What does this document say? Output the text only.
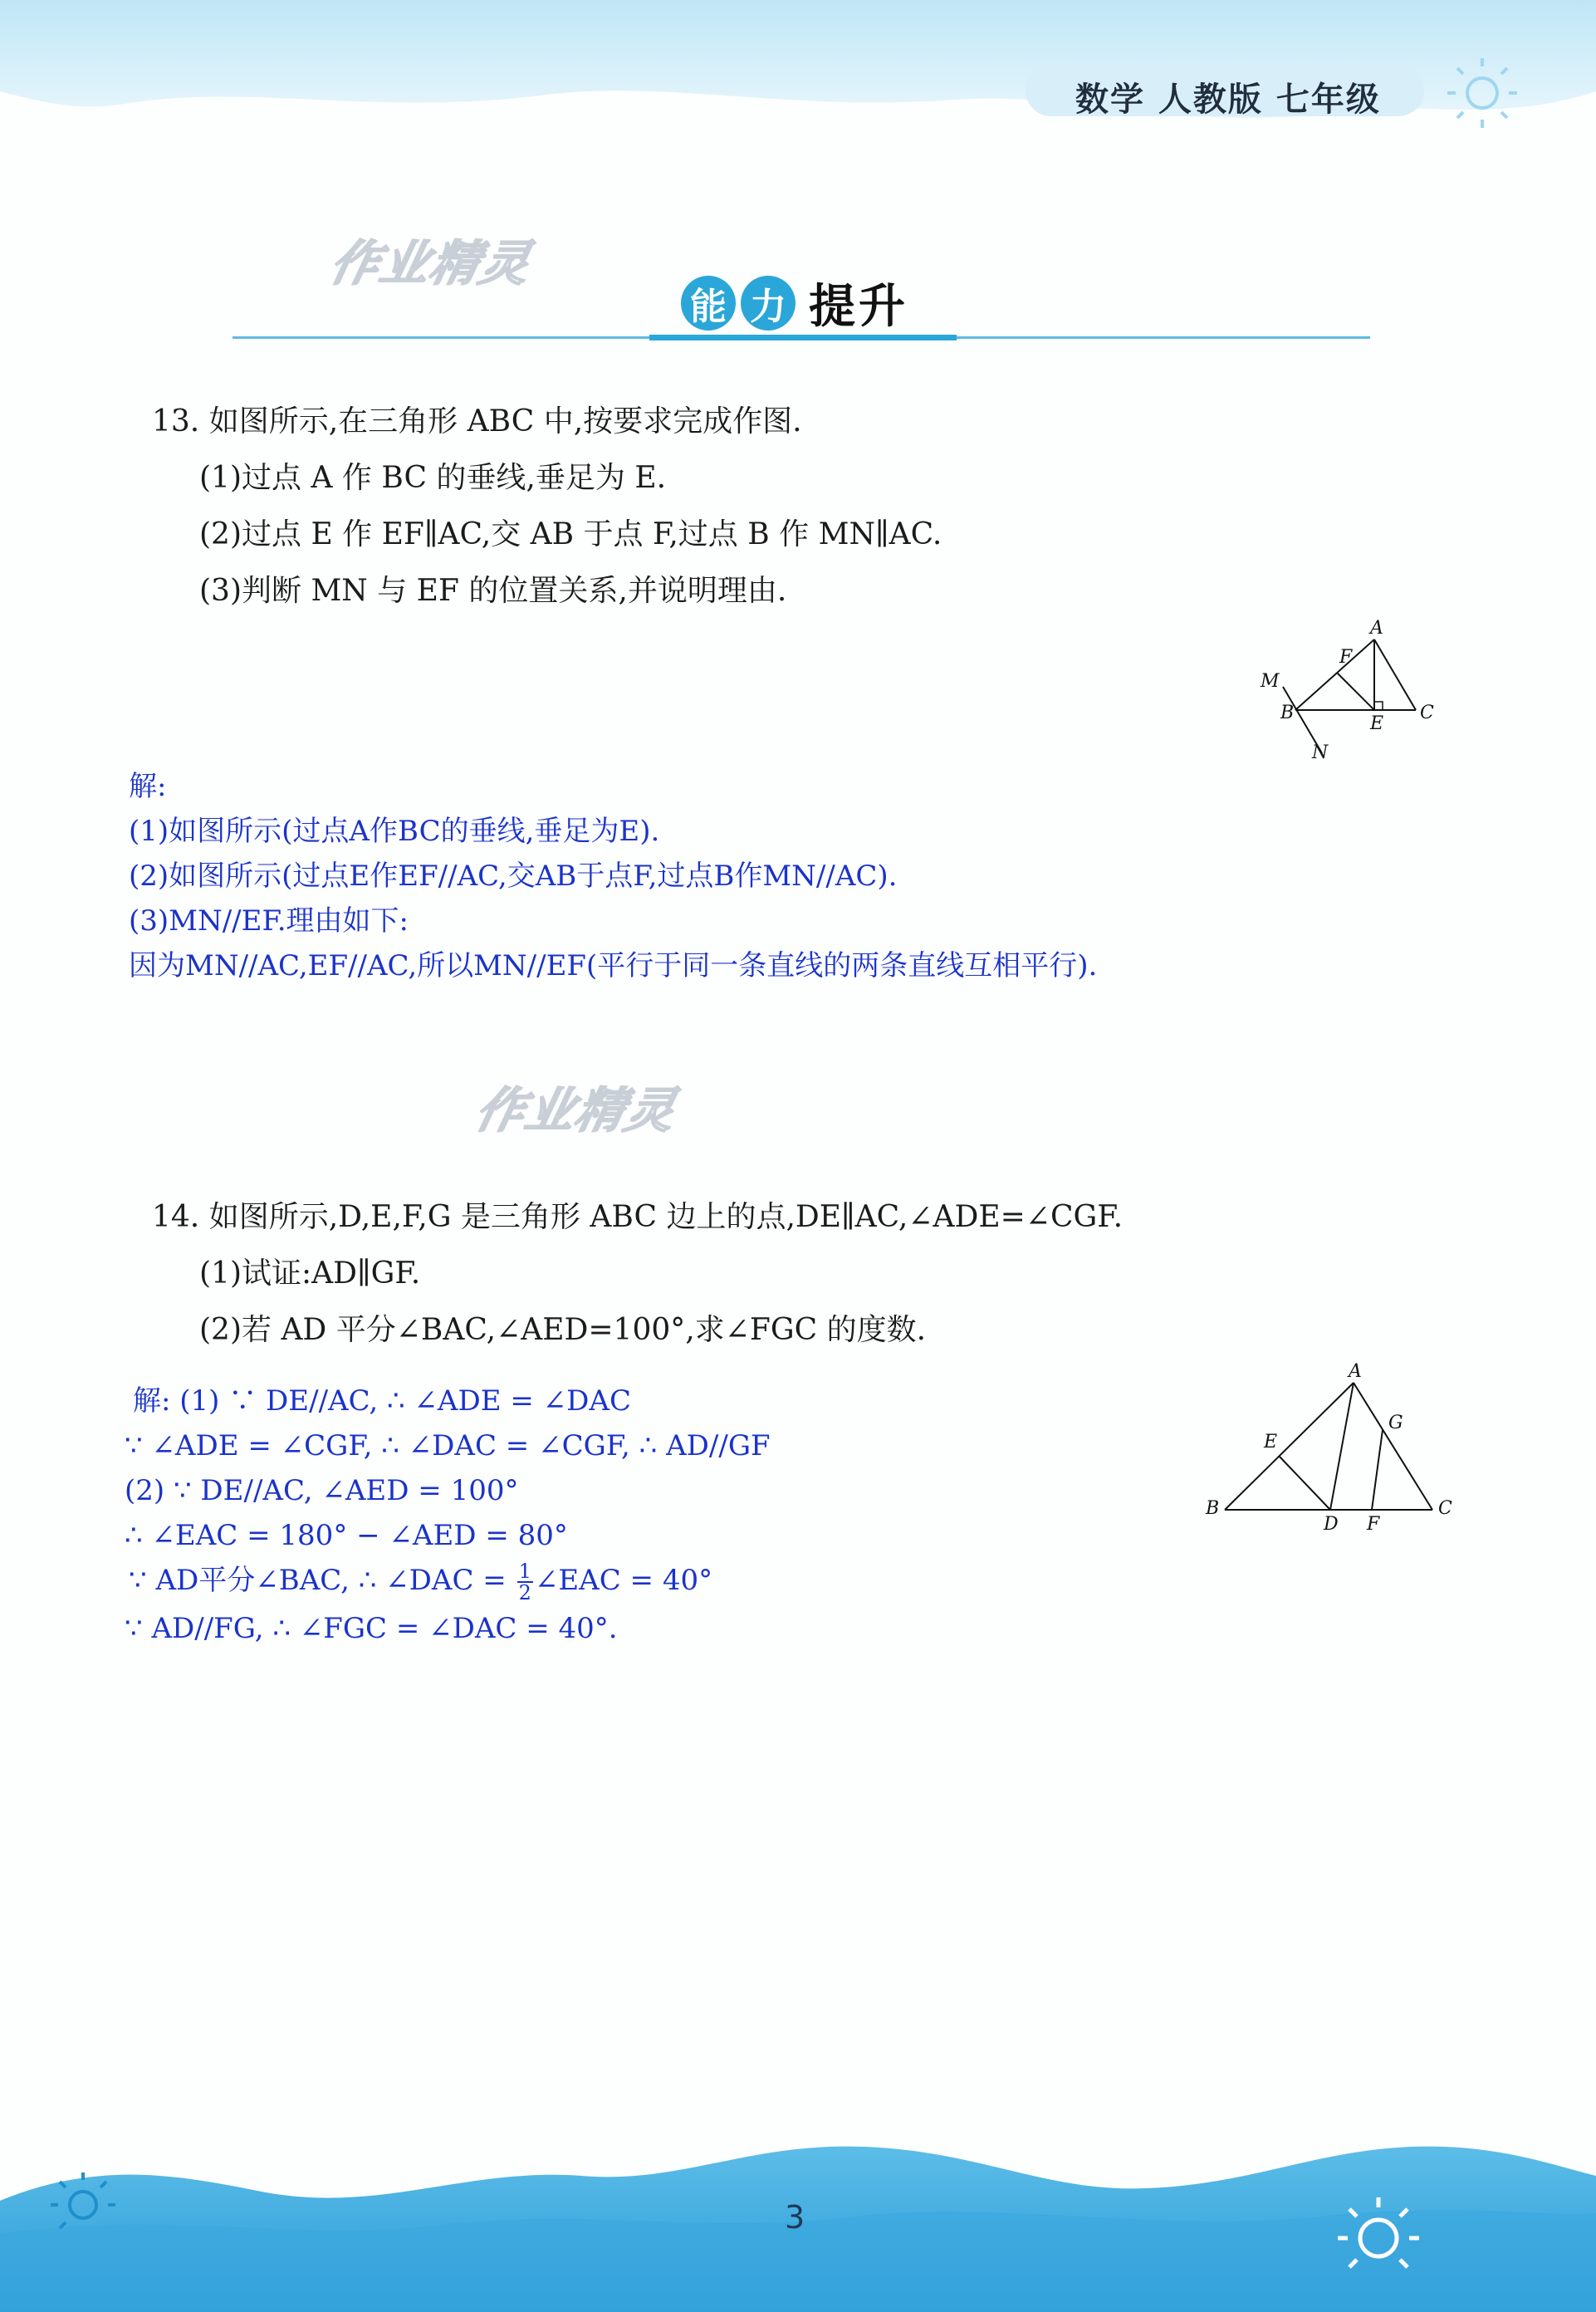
数学 人教版 七年级
作业精灵
能 力 提升
13. 如图所示,在三角形 ABC 中,按要求完成作图.
(1)过点 A 作 BC 的垂线,垂足为 E.
(2)过点 E 作 EF∥AC,交 AB 于点 F,过点 B 作 MN∥AC.
(3)判断 MN 与 EF 的位置关系,并说明理由.
A
F
M
B
E
C
N
解:
(1)如图所示(过点A作BC的垂线,垂足为E).
(2)如图所示(过点E作EF//AC,交AB于点F,过点B作MN//AC).
(3)MN//EF.理由如下:
因为MN//AC,EF//AC,所以MN//EF(平行于同一条直线的两条直线互相平行).
作业精灵
14. 如图所示,D,E,F,G 是三角形 ABC 边上的点,DE∥AC,∠ADE=∠CGF.
(1)试证:AD∥GF.
(2)若 AD 平分∠BAC,∠AED=100°,求∠FGC 的度数.
解: (1) ∵ DE//AC, ∴ ∠ADE = ∠DAC
∵ ∠ADE = ∠CGF, ∴ ∠DAC = ∠CGF, ∴ AD//GF
(2) ∵ DE//AC, ∠AED = 100°
∴ ∠EAC = 180° − ∠AED = 80°
∵ AD平分∠BAC, ∴ ∠DAC = $\frac{1}{2}$ ∠EAC = 40°
∵ AD//FG, ∴ ∠FGC = ∠DAC = 40°.
A
E
G
B
D F
C
3
